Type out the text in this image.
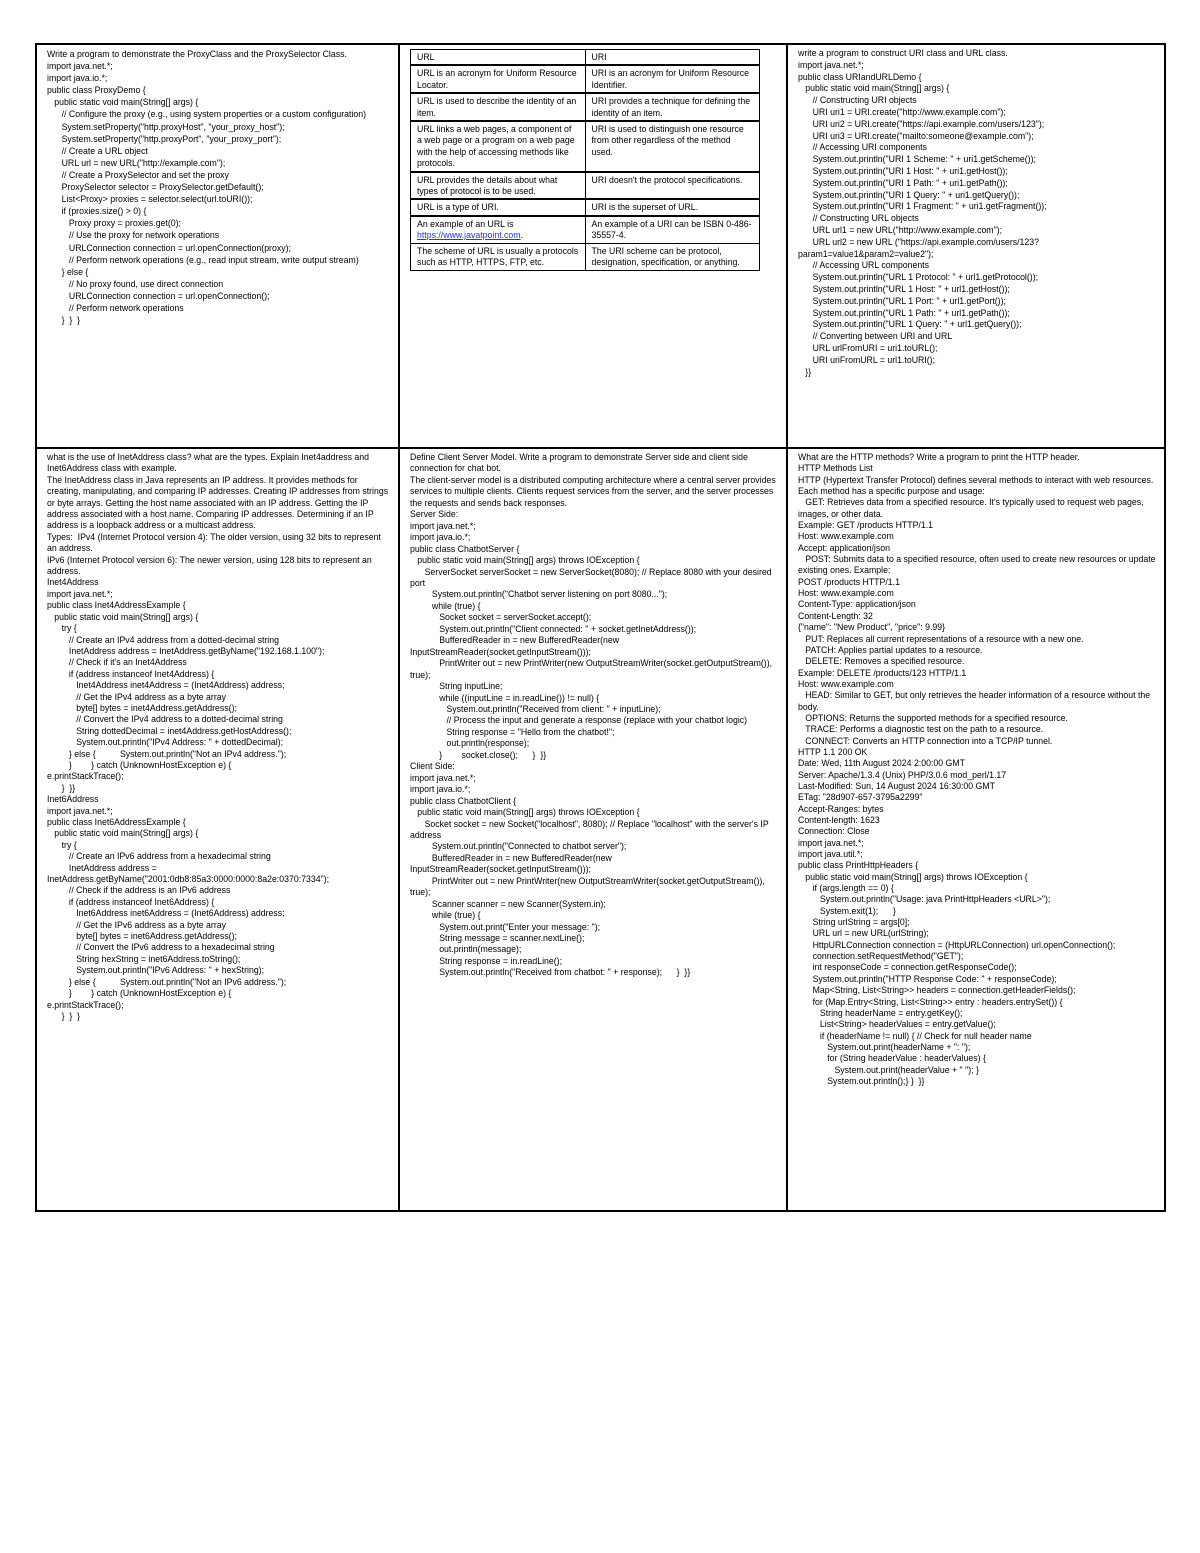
Write a program to demonstrate the ProxyClass and the ProxySelector Class.

import java.net.*;

import java.io.*;

public class ProxyDemo {

public static void main(String[] args) {

// Configure the proxy (e.g., using system properties or a custom configuration)

System.setProperty("http.proxyHost", "your_proxy_host");

System.setProperty("http.proxyPort", "your_proxy_port");

// Create a URL object

URL url = new URL("http://example.com");

// Create a ProxySelector and set the proxy

ProxySelector selector = ProxySelector.getDefault();

List<Proxy> proxies = selector.select(url.toURI());

if (proxies.size() > 0) {

Proxy proxy = proxies.get(0);

// Use the proxy for network operations

URLConnection connection = url.openConnection(proxy);

// Perform network operations (e.g., read input stream, write output stream)

} else {

// No proxy found, use direct connection

URLConnection connection = url.openConnection();

// Perform network operations

}  }  }

URL	URI
URL is an acronym for Uniform Resource Locator.	URI is an acronym for Uniform Resource Identifier.
URL is used to describe the identity of an item.	URI provides a technique for defining the identity of an item.
URL links a web pages, a component of a web page or a program on a web page with the help of accessing methods like protocols.	URI is used to distinguish one resource from other regardless of the method used.
URL provides the details about what types of protocol is to be used.	URI doesn't the protocol specifications.
URL is a type of URI.	URI is the superset of URL.
An example of an URL is
https://www.javatpoint.com.	An example of a URI can be ISBN 0-486-35557-4.
The scheme of URL is usually a protocols such as HTTP, HTTPS, FTP, etc.	The URI scheme can be protocol, designation, specification, or anything.

write a program to construct URI class and URL class.

import java.net.*;

public class URIandURLDemo {

public static void main(String[] args) {

// Constructing URI objects

URI uri1 = URI.create("http://www.example.com");

URI uri2 = URI.create("https://api.example.com/users/123");

URI uri3 = URI.create("mailto:someone@example.com");

// Accessing URI components

System.out.println("URI 1 Scheme: " + uri1.getScheme());

System.out.println("URI 1 Host: " + uri1.getHost());

System.out.println("URI 1 Path: " + uri1.getPath());

System.out.println("URI 1 Query: " + uri1.getQuery());

System.out.println("URI 1 Fragment: " + uri1.getFragment());

// Constructing URL objects

URL url1 = new URL("http://www.example.com");

URL url2 = new URL ("https://api.example.com/users/123?param1=value1&param2=value2");

// Accessing URL components

System.out.println("URL 1 Protocol: " + url1.getProtocol());

System.out.println("URL 1 Host: " + url1.getHost());

System.out.println("URL 1 Port: " + url1.getPort());

System.out.println("URL 1 Path: " + url1.getPath());

System.out.println("URL 1 Query: " + url1.getQuery());

// Converting between URI and URL

URL urlFromURI = uri1.toURL();

URI uriFromURL = url1.toURI();

}}

what is the use of InetAddress class? what are the types. Explain Inet4address and Inet6Address class with example.

The InetAddress class in Java represents an IP address. It provides methods for creating, manipulating, and comparing IP addresses. Creating IP addresses from strings or byte arrays. Getting the host name associated with an IP address. Getting the IP address associated with a host name. Comparing IP addresses. Determining if an IP address is a loopback address or a multicast address.

Types:  IPv4 (Internet Protocol version 4): The older version, using 32 bits to represent an address.

IPv6 (Internet Protocol version 6): The newer version, using 128 bits to represent an address.

Inet4Address

import java.net.*;

public class Inet4AddressExample {

public static void main(String[] args) {

try {

// Create an IPv4 address from a dotted-decimal string

InetAddress address = InetAddress.getByName("192.168.1.100");

// Check if it's an Inet4Address

if (address instanceof Inet4Address) {

Inet4Address inet4Address = (Inet4Address) address;

// Get the IPv4 address as a byte array

byte[] bytes = inet4Address.getAddress();

// Convert the IPv4 address to a dotted-decimal string

String dottedDecimal = inet4Address.getHostAddress();

System.out.println("IPv4 Address: " + dottedDecimal);

} else {          System.out.println("Not an IPv4 address.");

}        } catch (UnknownHostException e) {

e.printStackTrace();

}  }}

Inet6Address

import java.net.*;

public class Inet6AddressExample {

public static void main(String[] args) {

try {

// Create an IPv6 address from a hexadecimal string

InetAddress address = InetAddress.getByName("2001:0db8:85a3:0000:0000:8a2e:0370:7334");

// Check if the address is an IPv6 address

if (address instanceof Inet6Address) {

Inet6Address inet6Address = (Inet6Address) address;

// Get the IPv6 address as a byte array

byte[] bytes = inet6Address.getAddress();

// Convert the IPv6 address to a hexadecimal string

String hexString = inet6Address.toString();

System.out.println("IPv6 Address: " + hexString);

} else {          System.out.println("Not an IPv6 address.");

}        } catch (UnknownHostException e) {

e.printStackTrace();

}  }  }

Define Client Server Model. Write a program to demonstrate Server side and client side connection for chat bot.

The client-server model is a distributed computing architecture where a central server provides services to multiple clients. Clients request services from the server, and the server processes the requests and sends back responses.

Server Side:

import java.net.*;

import java.io.*;

public class ChatbotServer {

public static void main(String[] args) throws IOException {

ServerSocket serverSocket = new ServerSocket(8080); // Replace 8080 with your desired port

System.out.println("Chatbot server listening on port 8080...");

while (true) {

Socket socket = serverSocket.accept();

System.out.println("Client connected: " + socket.getInetAddress());

BufferedReader in = new BufferedReader(new InputStreamReader(socket.getInputStream()));

PrintWriter out = new PrintWriter(new OutputStreamWriter(socket.getOutputStream()), true);

String inputLine;

while ((inputLine = in.readLine()) != null) {

System.out.println("Received from client: " + inputLine);

// Process the input and generate a response (replace with your chatbot logic)

String response = "Hello from the chatbot!";

out.println(response);

}        socket.close();      }  }}

Client Side:

import java.net.*;

import java.io.*;

public class ChatbotClient {

public static void main(String[] args) throws IOException {

Socket socket = new Socket("localhost", 8080); // Replace "localhost" with the server's IP address

System.out.println("Connected to chatbot server");

BufferedReader in = new BufferedReader(new InputStreamReader(socket.getInputStream()));

PrintWriter out = new PrintWriter(new OutputStreamWriter(socket.getOutputStream()), true);

Scanner scanner = new Scanner(System.in);

while (true) {

System.out.print("Enter your message: ");

String message = scanner.nextLine();

out.println(message);

String response = in.readLine();

System.out.println("Received from chatbot: " + response);      }  }}

What are the HTTP methods? Write a program to print the HTTP header.

HTTP Methods List

HTTP (Hypertext Transfer Protocol) defines several methods to interact with web resources. Each method has a specific purpose and usage:

GET: Retrieves data from a specified resource. It's typically used to request web pages, images, or other data.

Example: GET /products HTTP/1.1

Host: www.example.com

Accept: application/json

POST: Submits data to a specified resource, often used to create new resources or update existing ones. Example:

POST /products HTTP/1.1

Host: www.example.com

Content-Type: application/json

Content-Length: 32

{"name": "New Product", "price": 9.99}

PUT: Replaces all current representations of a resource with a new one.

PATCH: Applies partial updates to a resource.

DELETE: Removes a specified resource.

Example: DELETE /products/123 HTTP/1.1

Host: www.example.com

HEAD: Similar to GET, but only retrieves the header information of a resource without the body.

OPTIONS: Returns the supported methods for a specified resource.

TRACE: Performs a diagnostic test on the path to a resource.

CONNECT: Converts an HTTP connection into a TCP/IP tunnel.

HTTP 1.1 200 OK

Date: Wed, 11th August 2024 2:00:00 GMT

Server: Apache/1.3.4 (Unix) PHP/3.0.6 mod_perl/1.17

Last-Modified: Sun, 14 August 2024 16:30:00 GMT

ETag: "28d907-657-3795a2299"

Accept-Ranges: bytes

Content-length: 1623

Connection: Close

import java.net.*;

import java.util.*;

public class PrintHttpHeaders {

public static void main(String[] args) throws IOException {

if (args.length == 0) {

System.out.println("Usage: java PrintHttpHeaders <URL>");

System.exit(1);      }

String urlString = args[0];

URL url = new URL(urlString);

HttpURLConnection connection = (HttpURLConnection) url.openConnection();

connection.setRequestMethod("GET");

int responseCode = connection.getResponseCode();

System.out.println("HTTP Response Code: " + responseCode);

Map<String, List<String>> headers = connection.getHeaderFields();

for (Map.Entry<String, List<String>> entry : headers.entrySet()) {

String headerName = entry.getKey();

List<String> headerValues = entry.getValue();

if (headerName != null) { // Check for null header name

System.out.print(headerName + ": ");

for (String headerValue : headerValues) {

System.out.print(headerValue + " "); }

System.out.println();} }  }}
